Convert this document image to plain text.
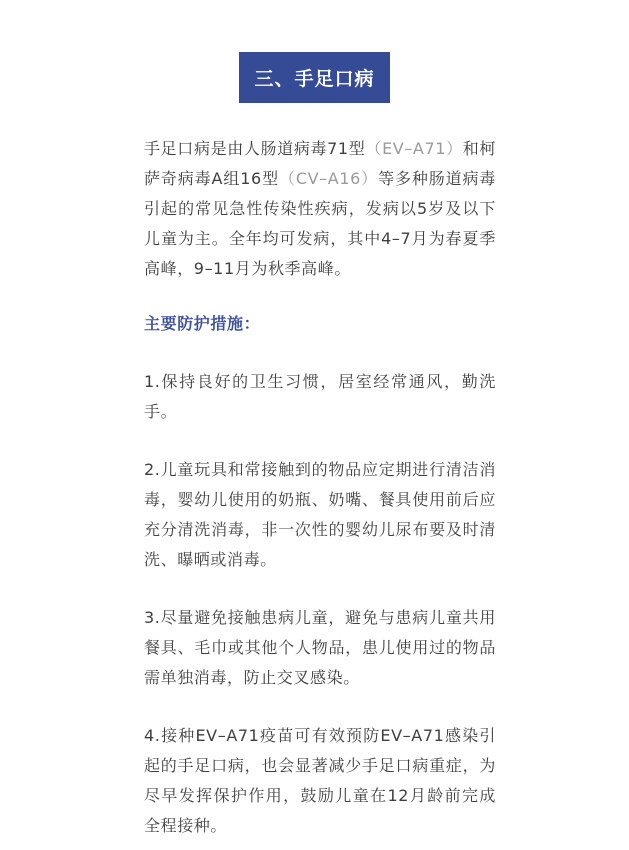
三、手足口病

手足口病是由人肠道病毒71型（EV–A71）和柯萨奇病毒A组16型（CV–A16）等多种肠道病毒引起的常见急性传染性疾病，发病以5岁及以下儿童为主。全年均可发病，其中4–7月为春夏季高峰，9–11月为秋季高峰。

主要防护措施：

1.保持良好的卫生习惯，居室经常通风，勤洗手。

2.儿童玩具和常接触到的物品应定期进行清洁消毒，婴幼儿使用的奶瓶、奶嘴、餐具使用前后应充分清洗消毒，非一次性的婴幼儿尿布要及时清洗、曝晒或消毒。

3.尽量避免接触患病儿童，避免与患病儿童共用餐具、毛巾或其他个人物品，患儿使用过的物品需单独消毒，防止交叉感染。

4.接种EV–A71疫苗可有效预防EV–A71感染引起的手足口病，也会显著减少手足口病重症，为尽早发挥保护作用，鼓励儿童在12月龄前完成全程接种。
